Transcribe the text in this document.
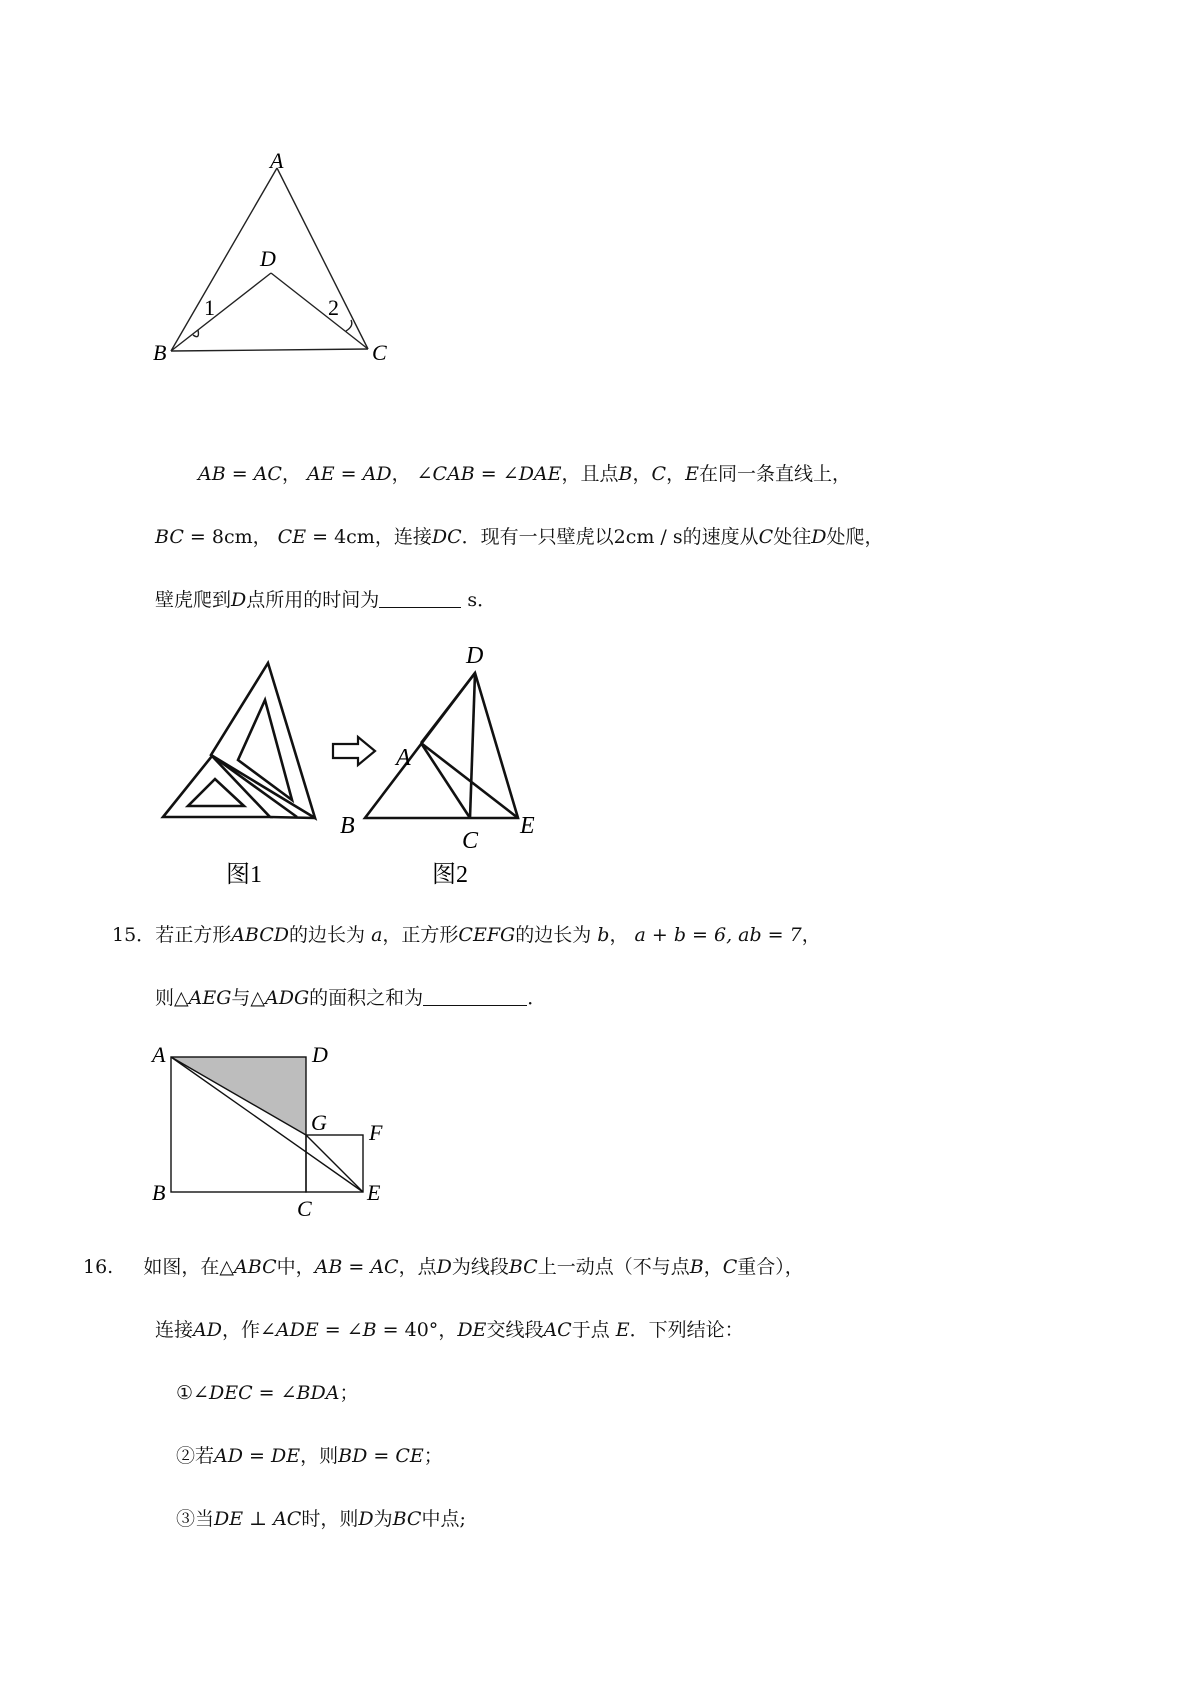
A
D
B	C
1	2
AB = AC， AE = AD， ∠CAB = ∠DAE，且点B，C，E在同一条直线上，
BC = 8cm， CE = 4cm，连接DC．现有一只壁虎以2cm / s的速度从C处往D处爬，
壁虎爬到D点所用的时间为	s．
D
A
B
C
E
图1	图2
15．若正方形ABCD的边长为 a，正方形CEFG的边长为 b， a + b = 6, ab = 7，
则△AEG与△ADG的面积之和为	．
A	D
G F
B
C
E
16. 如图，在△ABC中，AB = AC，点D为线段BC上一动点（不与点B，C重合），
连接AD，作∠ADE = ∠B = 40°，DE交线段AC于点 E．下列结论：
①∠DEC = ∠BDA；
②若AD = DE，则BD = CE；
③当DE ⊥ AC时，则D为BC中点;
